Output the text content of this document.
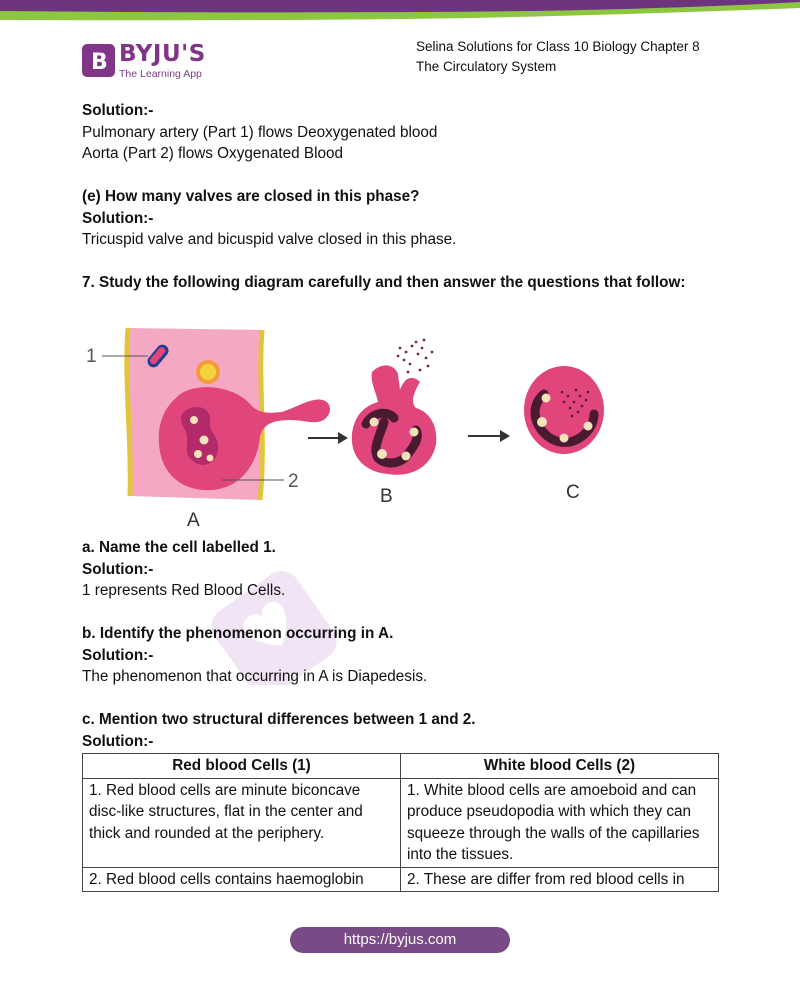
B BYJU'S
The Learning App
Selina Solutions for Class 10 Biology Chapter 8
The Circulatory System

Solution:-

Pulmonary artery (Part 1) flows Deoxygenated blood

Aorta (Part 2) flows Oxygenated Blood

(e) How many valves are closed in this phase?

Solution:-

Tricuspid valve and bicuspid valve closed in this phase.

7. Study the following diagram carefully and then answer the questions that follow:

1
2
A
B	C

a. Name the cell labelled 1.

Solution:-

1 represents Red Blood Cells.

b. Identify the phenomenon occurring in A.

Solution:-

The phenomenon that occurring in A is Diapedesis.

c. Mention two structural differences between 1 and 2.

Solution:-

Red blood Cells (1)	White blood Cells (2)
1. Red blood cells are minute biconcave disc-like structures, flat in the center and thick and rounded at the periphery.	1. White blood cells are amoeboid and can produce pseudopodia with which they can squeeze through the walls of the capillaries into the tissues.
2. Red blood cells contains haemoglobin	2. These are differ from red blood cells in
https://byjus.com
